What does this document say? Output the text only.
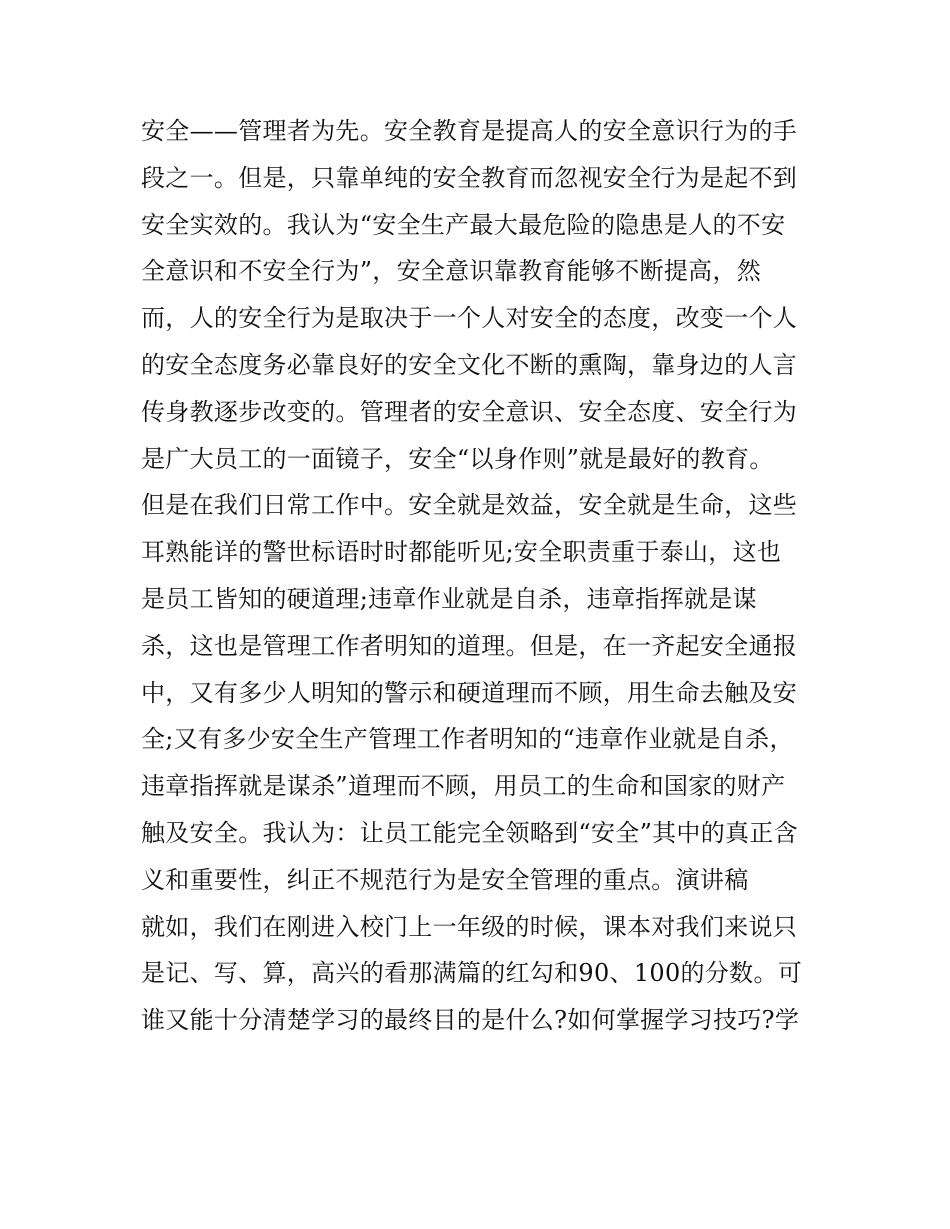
安全——管理者为先。安全教育是提高人的安全意识行为的手
段之一。但是，只靠单纯的安全教育而忽视安全行为是起不到
安全实效的。我认为“安全生产最大最危险的隐患是人的不安
全意识和不安全行为”，安全意识靠教育能够不断提高，然
而，人的安全行为是取决于一个人对安全的态度，改变一个人
的安全态度务必靠良好的安全文化不断的熏陶，靠身边的人言
传身教逐步改变的。管理者的安全意识、安全态度、安全行为
是广大员工的一面镜子，安全“以身作则”就是最好的教育。
但是在我们日常工作中。安全就是效益，安全就是生命，这些
耳熟能详的警世标语时时都能听见;安全职责重于泰山，这也
是员工皆知的硬道理;违章作业就是自杀，违章指挥就是谋
杀，这也是管理工作者明知的道理。但是，在一齐起安全通报
中，又有多少人明知的警示和硬道理而不顾，用生命去触及安
全;又有多少安全生产管理工作者明知的“违章作业就是自杀，
违章指挥就是谋杀”道理而不顾，用员工的生命和国家的财产
触及安全。我认为：让员工能完全领略到“安全”其中的真正含
义和重要性，纠正不规范行为是安全管理的重点。演讲稿
就如，我们在刚进入校门上一年级的时候，课本对我们来说只
是记、写、算，高兴的看那满篇的红勾和90、100的分数。可
谁又能十分清楚学习的最终目的是什么?如何掌握学习技巧?学
